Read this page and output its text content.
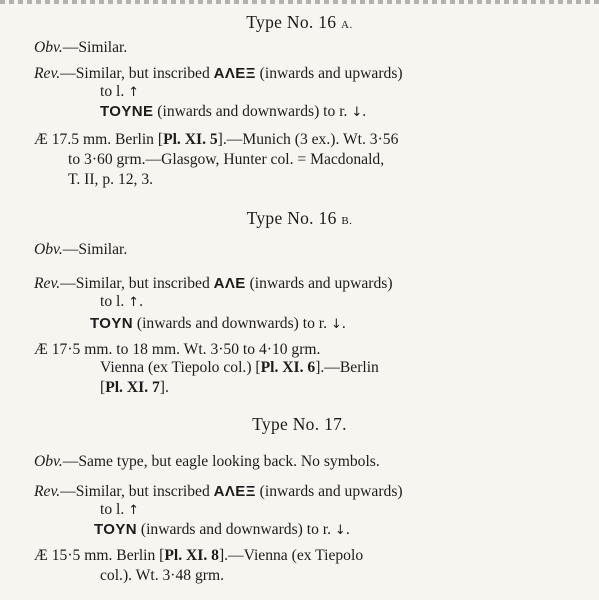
Type No. 16 A.
Obv.—Similar.
Rev.—Similar, but inscribed ΑΛΕΞ (inwards and upwards)
to l. ↑
TOYNE (inwards and downwards) to r. ↓.
Æ 17.5 mm. Berlin [Pl. XI. 5].—Munich (3 ex.). Wt. 3·56
to 3·60 grm.—Glasgow, Hunter col. = Macdonald,
T. II, p. 12, 3.
Type No. 16 B.
Obv.—Similar.
Rev.—Similar, but inscribed ΑΛΕ (inwards and upwards)
to l. ↑.
TOYN (inwards and downwards) to r. ↓.
Æ 17·5 mm. to 18 mm. Wt. 3·50 to 4·10 grm.
Vienna (ex Tiepolo col.) [Pl. XI. 6].—Berlin
[Pl. XI. 7].
Type No. 17.
Obv.—Same type, but eagle looking back. No symbols.
Rev.—Similar, but inscribed ΑΛΕΞ (inwards and upwards)
to l. ↑
TOYN (inwards and downwards) to r. ↓.
Æ 15·5 mm. Berlin [Pl. XI. 8].—Vienna (ex Tiepolo
col.). Wt. 3·48 grm.
